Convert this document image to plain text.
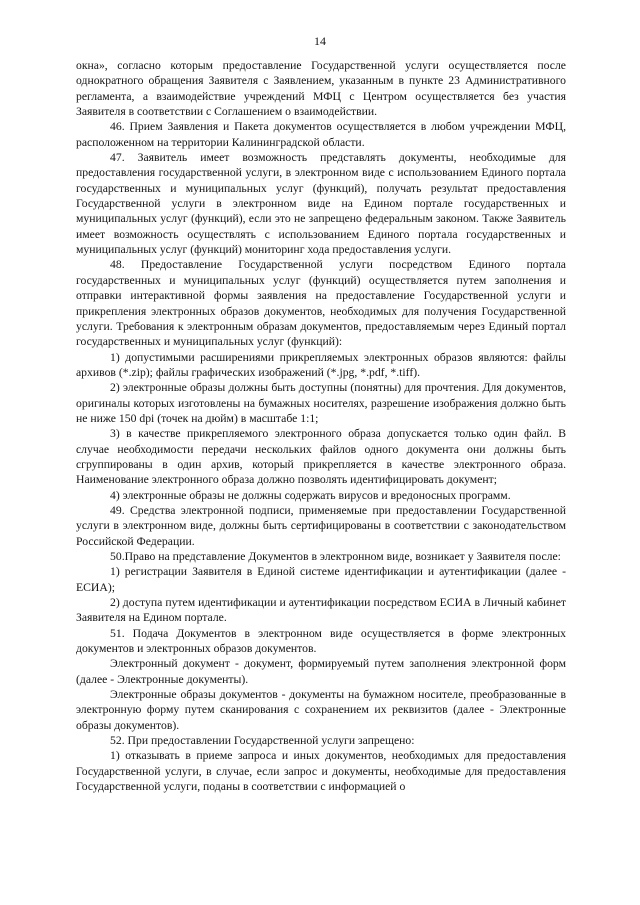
14

окна», согласно которым предоставление Государственной услуги осуществляется после однократного обращения Заявителя с Заявлением, указанным в пункте 23 Административного регламента, а взаимодействие учреждений МФЦ с Центром осуществляется без участия Заявителя в соответствии с Соглашением о взаимодействии.

46. Прием Заявления и Пакета документов осуществляется в любом учреждении МФЦ, расположенном на территории Калининградской области.

47. Заявитель имеет возможность представлять документы, необходимые для предоставления государственной услуги, в электронном виде с использованием Единого портала государственных и муниципальных услуг (функций), получать результат предоставления Государственной услуги в электронном виде на Едином портале государственных и муниципальных услуг (функций), если это не запрещено федеральным законом. Также Заявитель имеет возможность осуществлять с использованием Единого портала государственных и муниципальных услуг (функций) мониторинг хода предоставления услуги.

48. Предоставление Государственной услуги посредством Единого портала государственных и муниципальных услуг (функций) осуществляется путем заполнения и отправки интерактивной формы заявления на предоставление Государственной услуги и прикрепления электронных образов документов, необходимых для получения Государственной услуги. Требования к электронным образам документов, предоставляемым через Единый портал государственных и муниципальных услуг (функций):

1) допустимыми расширениями прикрепляемых электронных образов являются: файлы архивов (*.zip); файлы графических изображений (*.jpg, *.pdf, *.tiff).

2) электронные образы должны быть доступны (понятны) для прочтения. Для документов, оригиналы которых изготовлены на бумажных носителях, разрешение изображения должно быть не ниже 150 dpi (точек на дюйм) в масштабе 1:1;

3) в качестве прикрепляемого электронного образа допускается только один файл. В случае необходимости передачи нескольких файлов одного документа они должны быть сгруппированы в один архив, который прикрепляется в качестве электронного образа. Наименование электронного образа должно позволять идентифицировать документ;

4) электронные образы не должны содержать вирусов и вредоносных программ.

49. Средства электронной подписи, применяемые при предоставлении Государственной услуги в электронном виде, должны быть сертифицированы в соответствии с законодательством Российской Федерации.

50.Право на представление Документов в электронном виде, возникает у Заявителя после:

1) регистрации Заявителя в Единой системе идентификации и аутентификации (далее - ЕСИА);

2) доступа путем идентификации и аутентификации посредством ЕСИА в Личный кабинет Заявителя на Едином портале.

51. Подача Документов в электронном виде осуществляется в форме электронных документов и электронных образов документов.

Электронный документ - документ, формируемый путем заполнения электронной форм (далее - Электронные документы).

Электронные образы документов - документы на бумажном носителе, преобразованные в электронную форму путем сканирования с сохранением их реквизитов (далее - Электронные образы документов).

52. При предоставлении Государственной услуги запрещено:

1) отказывать в приеме запроса и иных документов, необходимых для предоставления Государственной услуги, в случае, если запрос и документы, необходимые для предоставления Государственной услуги, поданы в соответствии с информацией о
